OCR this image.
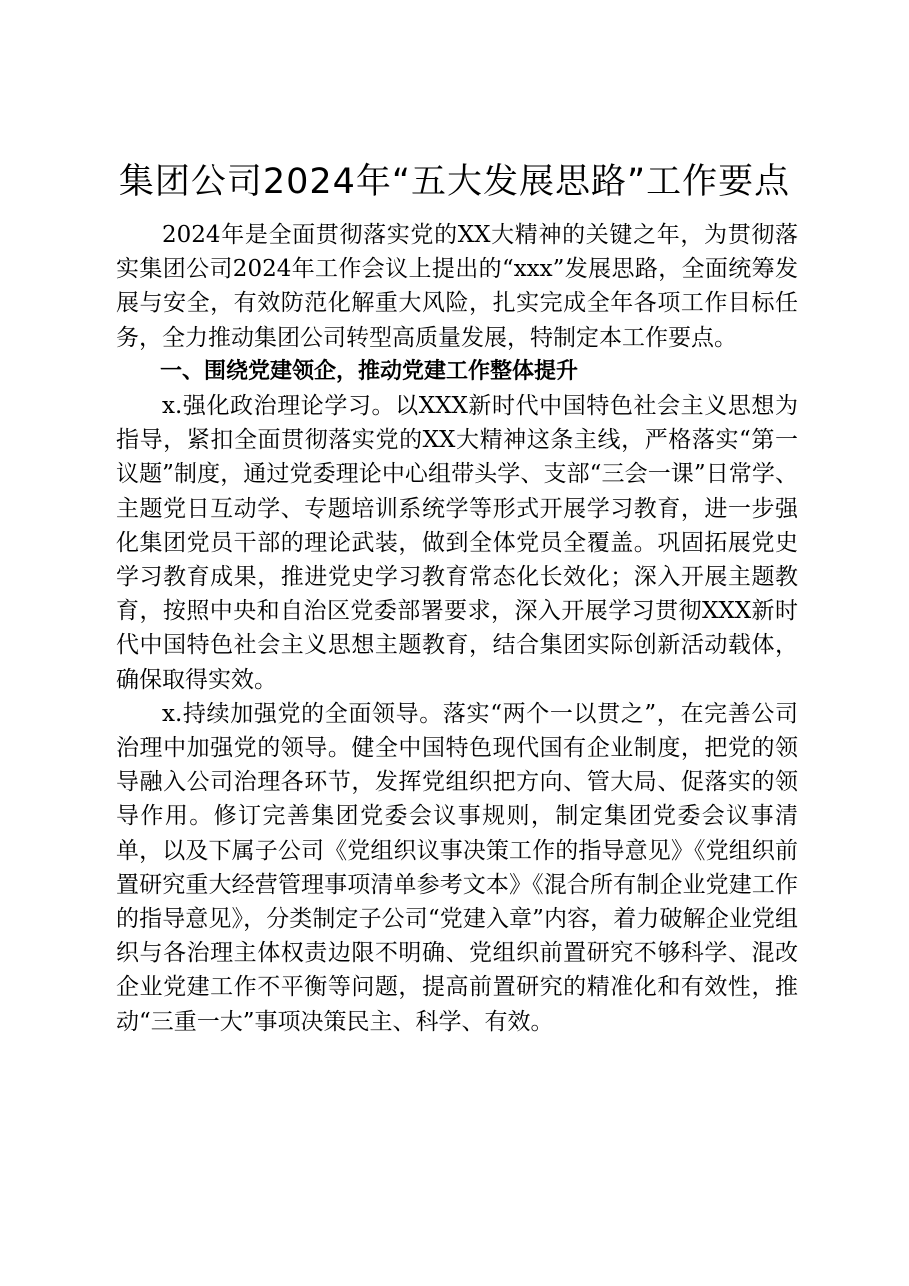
集团公司2024年“五大发展思路”工作要点

2024年是全面贯彻落实党的XX大精神的关键之年，为贯彻落实集团公司2024年工作会议上提出的“xxx”发展思路，全面统筹发展与安全，有效防范化解重大风险，扎实完成全年各项工作目标任务，全力推动集团公司转型高质量发展，特制定本工作要点。

一、围绕党建领企，推动党建工作整体提升

x.强化政治理论学习。以XXX新时代中国特色社会主义思想为指导，紧扣全面贯彻落实党的XX大精神这条主线，严格落实“第一议题”制度，通过党委理论中心组带头学、支部“三会一课”日常学、主题党日互动学、专题培训系统学等形式开展学习教育，进一步强化集团党员干部的理论武装，做到全体党员全覆盖。巩固拓展党史学习教育成果，推进党史学习教育常态化长效化；深入开展主题教育，按照中央和自治区党委部署要求，深入开展学习贯彻XXX新时代中国特色社会主义思想主题教育，结合集团实际创新活动载体，确保取得实效。

x.持续加强党的全面领导。落实“两个一以贯之”，在完善公司治理中加强党的领导。健全中国特色现代国有企业制度，把党的领导融入公司治理各环节，发挥党组织把方向、管大局、促落实的领导作用。修订完善集团党委会议事规则，制定集团党委会议事清单，以及下属子公司《党组织议事决策工作的指导意见》《党组织前置研究重大经营管理事项清单参考文本》《混合所有制企业党建工作的指导意见》，分类制定子公司“党建入章”内容，着力破解企业党组织与各治理主体权责边限不明确、党组织前置研究不够科学、混改企业党建工作不平衡等问题，提高前置研究的精准化和有效性，推动“三重一大”事项决策民主、科学、有效。
